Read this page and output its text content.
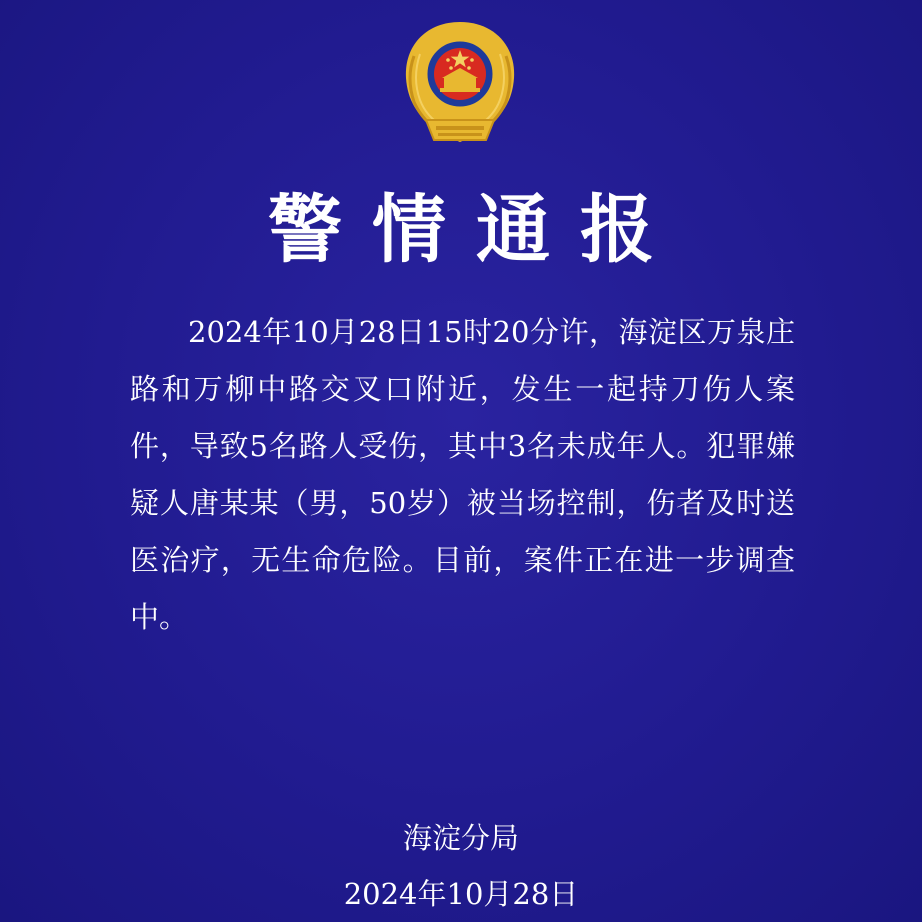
警情通报
2024年10月28日15时20分许，海淀区万泉庄路和万柳中路交叉口附近，发生一起持刀伤人案件，导致5名路人受伤，其中3名未成年人。犯罪嫌疑人唐某某（男，50岁）被当场控制，伤者及时送医治疗，无生命危险。目前，案件正在进一步调查中。
海淀分局
2024年10月28日
